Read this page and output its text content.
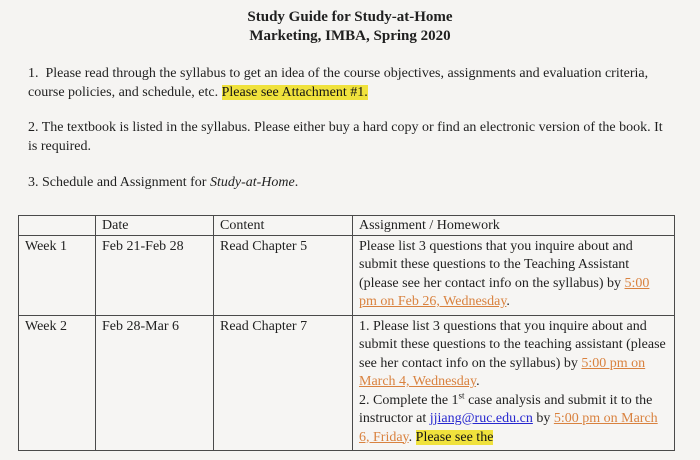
Study Guide for Study-at-Home
Marketing, IMBA, Spring 2020

1.  Please read through the syllabus to get an idea of the course objectives, assignments and evaluation criteria, course policies, and schedule, etc. Please see Attachment #1.

2. The textbook is listed in the syllabus. Please either buy a hard copy or find an electronic version of the book. It is required.

3. Schedule and Assignment for Study-at-Home.

	Date	Content	Assignment / Homework
Week 1	Feb 21-Feb 28	Read Chapter 5	Please list 3 questions that you inquire about and submit these questions to the Teaching Assistant (please see her contact info on the syllabus) by 5:00 pm on Feb 26, Wednesday.
Week 2	Feb 28-Mar 6	Read Chapter 7	1. Please list 3 questions that you inquire about and submit these questions to the teaching assistant (please see her contact info on the syllabus) by 5:00 pm on March 4, Wednesday.
2. Complete the 1st case analysis and submit it to the instructor at jjiang@ruc.edu.cn by 5:00 pm on March 6, Friday. Please see the
